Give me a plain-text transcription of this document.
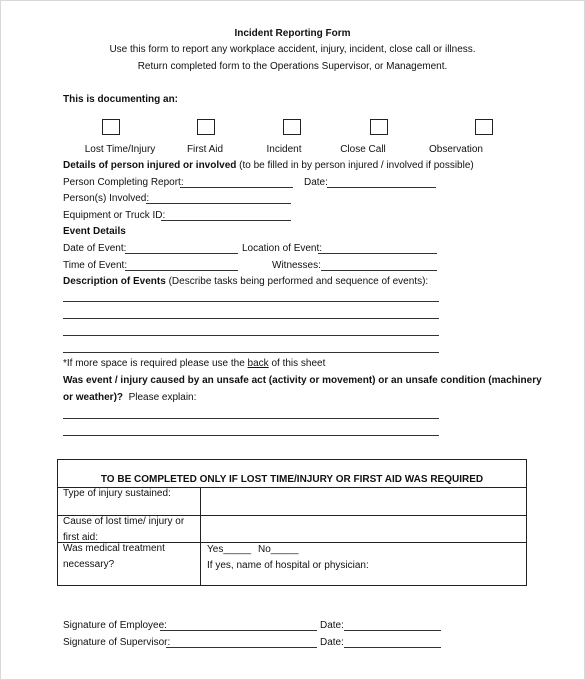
Incident Reporting Form
Use this form to report any workplace accident, injury, incident, close call or illness.
Return completed form to the Operations Supervisor, or Management.
This is documenting an:
Lost Time/Injury	First Aid	Incident	Close Call	Observation
Details of person injured or involved (to be filled in by person injured / involved if possible)
Person Completing Report:	Date:
Person(s) Involved:
Equipment or Truck ID:
Event Details
Date of Event:	Location of Event:
Time of Event:	Witnesses:
Description of Events (Describe tasks being performed and sequence of events):
*If more space is required please use the back of this sheet
Was event / injury caused by an unsafe act (activity or movement) or an unsafe condition (machinery
or weather)? Please explain:
TO BE COMPLETED ONLY IF LOST TIME/INJURY OR FIRST AID WAS REQUIRED
Type of injury sustained:
Cause of lost time/ injury or first aid:
Was medical treatment necessary?
Yes_____ No_____
If yes, name of hospital or physician:
Signature of Employee:	Date:
Signature of Supervisor:	Date:
